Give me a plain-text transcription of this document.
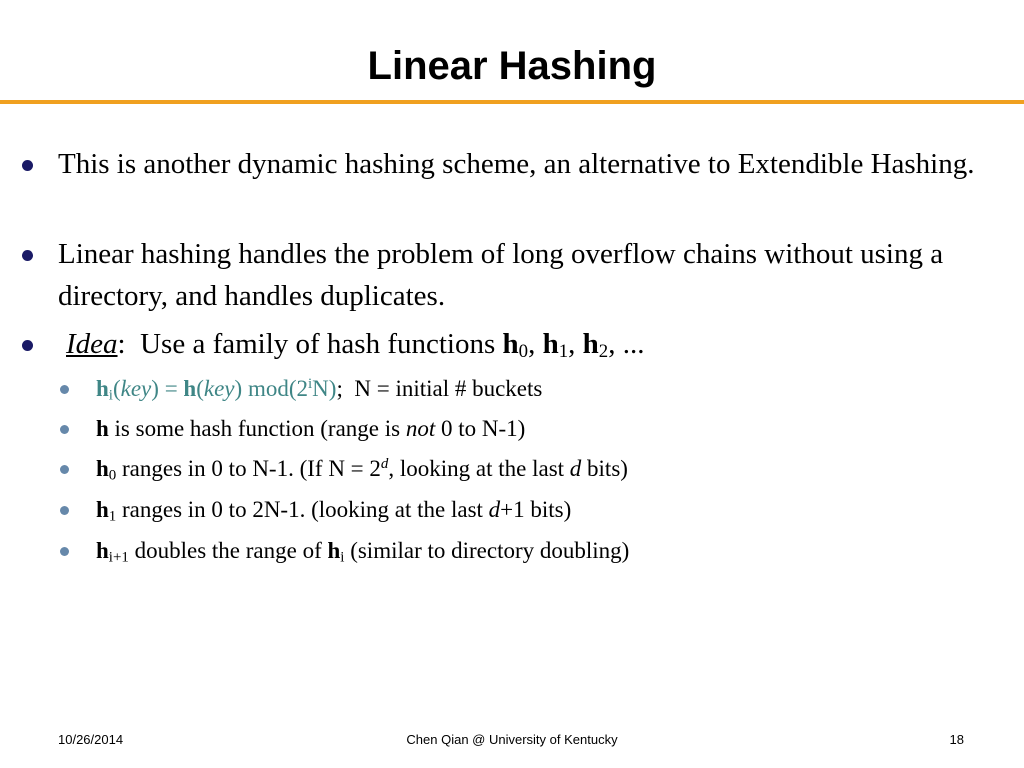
Linear Hashing
This is another dynamic hashing scheme, an alternative to Extendible Hashing.
Linear hashing handles the problem of long overflow chains without using a directory, and handles duplicates.
Idea: Use a family of hash functions $h_0$, $h_1$, $h_2$, ...
$h_i(key) = h(key)$ mod(2$^i$N); N = initial # buckets
h is some hash function (range is not 0 to N-1)
$h_0$ ranges in 0 to N-1. (If $N = 2^d$, looking at the last d bits)
$h_1$ ranges in 0 to 2N-1. (looking at the last d+1 bits)
$h_{i+1}$ doubles the range of $h_i$ (similar to directory doubling)
10/26/2014	Chen Qian @ University of Kentucky	18
